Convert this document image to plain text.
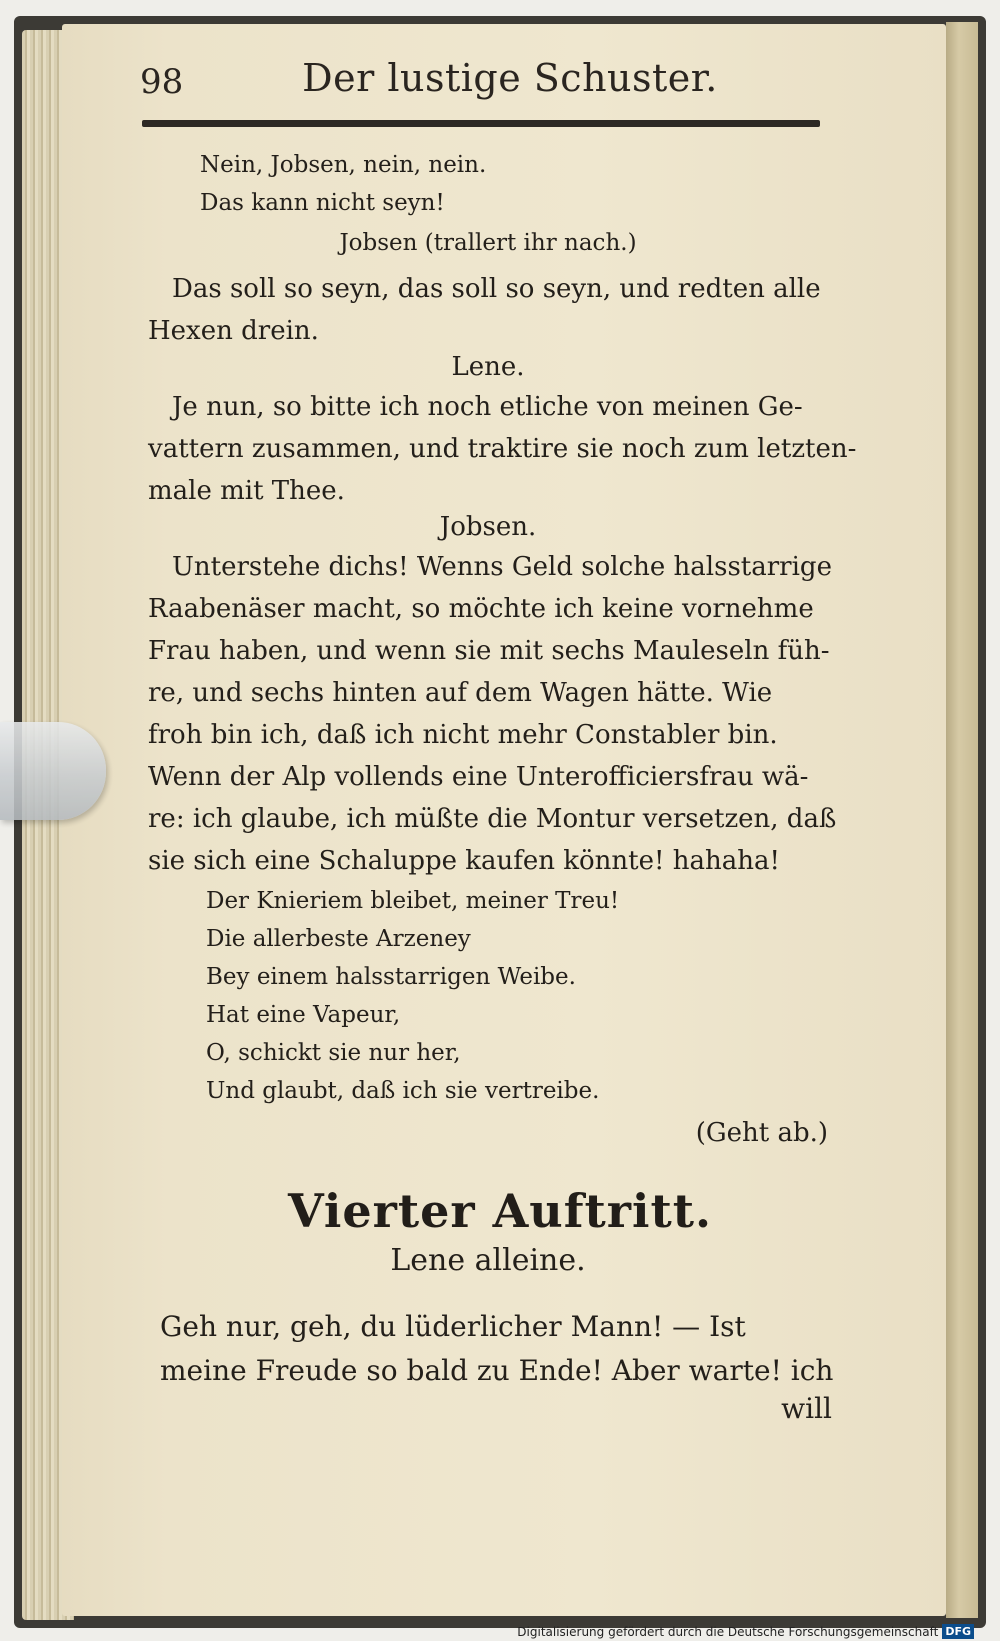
98	Der lustige Schuster.
Nein, Jobsen, nein, nein.
Das kann nicht seyn!
Jobsen (trallert ihr nach.)
Das soll so seyn, das soll so seyn, und redten alle
Hexen drein.
Lene.
Je nun, so bitte ich noch etliche von meinen Ge-
vattern zusammen, und traktire sie noch zum letzten-
male mit Thee.
Jobsen.
Unterstehe dichs! Wenns Geld solche halsstarrige
Raabenäser macht, so möchte ich keine vornehme
Frau haben, und wenn sie mit sechs Mauleseln füh-
re, und sechs hinten auf dem Wagen hätte. Wie
froh bin ich, daß ich nicht mehr Constabler bin.
Wenn der Alp vollends eine Unterofficiersfrau wä-
re: ich glaube, ich müßte die Montur versetzen, daß
sie sich eine Schaluppe kaufen könnte! hahaha!
Der Knieriem bleibet, meiner Treu!
Die allerbeste Arzeney
Bey einem halsstarrigen Weibe.
Hat eine Vapeur,
O, schickt sie nur her,
Und glaubt, daß ich sie vertreibe.
(Geht ab.)
Vierter Auftritt.
Lene alleine.
Geh nur, geh, du lüderlicher Mann! — Ist
meine Freude so bald zu Ende! Aber warte! ich
will
Digitalisierung gefördert durch die Deutsche Forschungsgemeinschaft DFG
